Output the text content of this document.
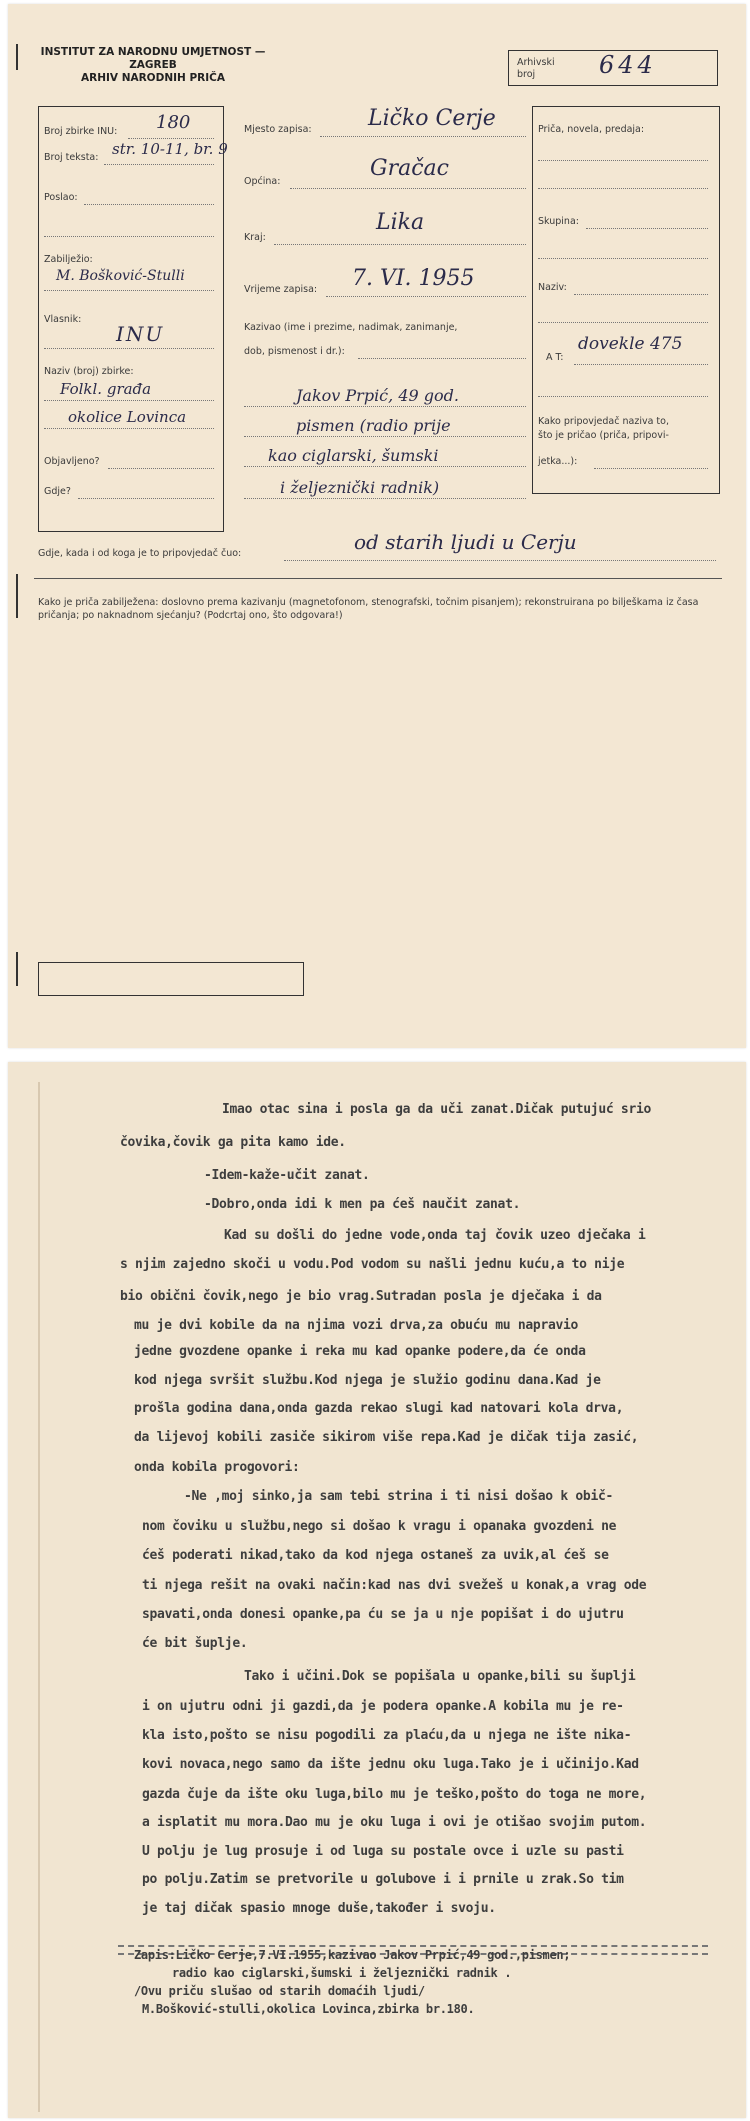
INSTITUT ZA NARODNU UMJETNOST — ZAGREB
ARHIV NARODNIH PRIČA
Arhivski broj	644
Broj zbirke INU: 180
Broj teksta: str. 10-11, br. 9
Poslao:
Zabilježio:
M. Bošković-Stulli
Vlasnik:
INU
Naziv (broj) zbirke:
Folkl. građa
okolice Lovinca
Objavljeno?
Gdje?
Mjesto zapisa:	Ličko Cerje
Općina:
Gračac
Kraj:
Lika
Vrijeme zapisa: 7. VI. 1955
Kazivao (ime i prezime, nadimak, zanimanje,
dob, pismenost i dr.):
Jakov Prpić, 49 god.
pismen (radio prije
kao ciglarski, šumski
i željeznički radnik)
Priča, novela, predaja:
Skupina:
Naziv:
A T:
dovekle 475
Kako pripovjedač naziva to,
što je pričao (priča, pripovi-
jetka...):
Gdje, kada i od koga je to pripovjedač čuo:	od starih ljudi u Cerju
Kako je priča zabilježena: doslovno prema kazivanju (magnetofonom, stenografski, točnim pisanjem); rekonstruirana po bilješkama iz časa pričanja; po naknadnom sjećanju? (Podcrtaj ono, što odgovara!)
Imao otac sina i posla ga da uči zanat.Dičak putujuć srio
čovika,čovik ga pita kamo ide.
-Idem-kaže-učit zanat.
-Dobro,onda idi k men pa ćeš naučit zanat.
Kad su došli do jedne vode,onda taj čovik uzeo dječaka i
s njim zajedno skoči u vodu.Pod vodom su našli jednu kuću,a to nije
bio obični čovik,nego je bio vrag.Sutradan posla je dječaka i da
mu je dvi kobile da na njima vozi drva,za obuću mu napravio
jedne gvozdene opanke i reka mu kad opanke podere,da će onda
kod njega svršit službu.Kod njega je služio godinu dana.Kad je
prošla godina dana,onda gazda rekao slugi kad natovari kola drva,
da lijevoj kobili zasiče sikirom više repa.Kad je dičak tija zasić,
onda kobila progovori:
-Ne ,moj sinko,ja sam tebi strina i ti nisi došao k obič-
nom čoviku u službu,nego si došao k vragu i opanaka gvozdeni ne
ćeš poderati nikad,tako da kod njega ostaneš za uvik,al ćeš se
ti njega rešit na ovaki način:kad nas dvi svežeš u konak,a vrag ode
spavati,onda donesi opanke,pa ću se ja u nje popišat i do ujutru
će bit šuplje.
Tako i učini.Dok se popišala u opanke,bili su šuplji
i on ujutru odni ji gazdi,da je podera opanke.A kobila mu je re-
kla isto,pošto se nisu pogodili za plaću,da u njega ne ište nika-
kovi novaca,nego samo da ište jednu oku luga.Tako je i učinijo.Kad
gazda čuje da ište oku luga,bilo mu je teško,pošto do toga ne more,
a isplatit mu mora.Dao mu je oku luga i ovi je otišao svojim putom.
U polju je lug prosuje i od luga su postale ovce i uzle su pasti
po polju.Zatim se pretvorile u golubove i i prnile u zrak.So tim
je taj dičak spasio mnoge duše,također i svoju.
Zapis:Ličko Cerje,7.VI.1955,kazivao Jakov Prpić,49 god.,pismen;
radio kao ciglarski,šumski i željeznički radnik .
/Ovu priču slušao od starih domaćih ljudi/
M.Bošković-stulli,okolica Lovinca,zbirka br.180.
